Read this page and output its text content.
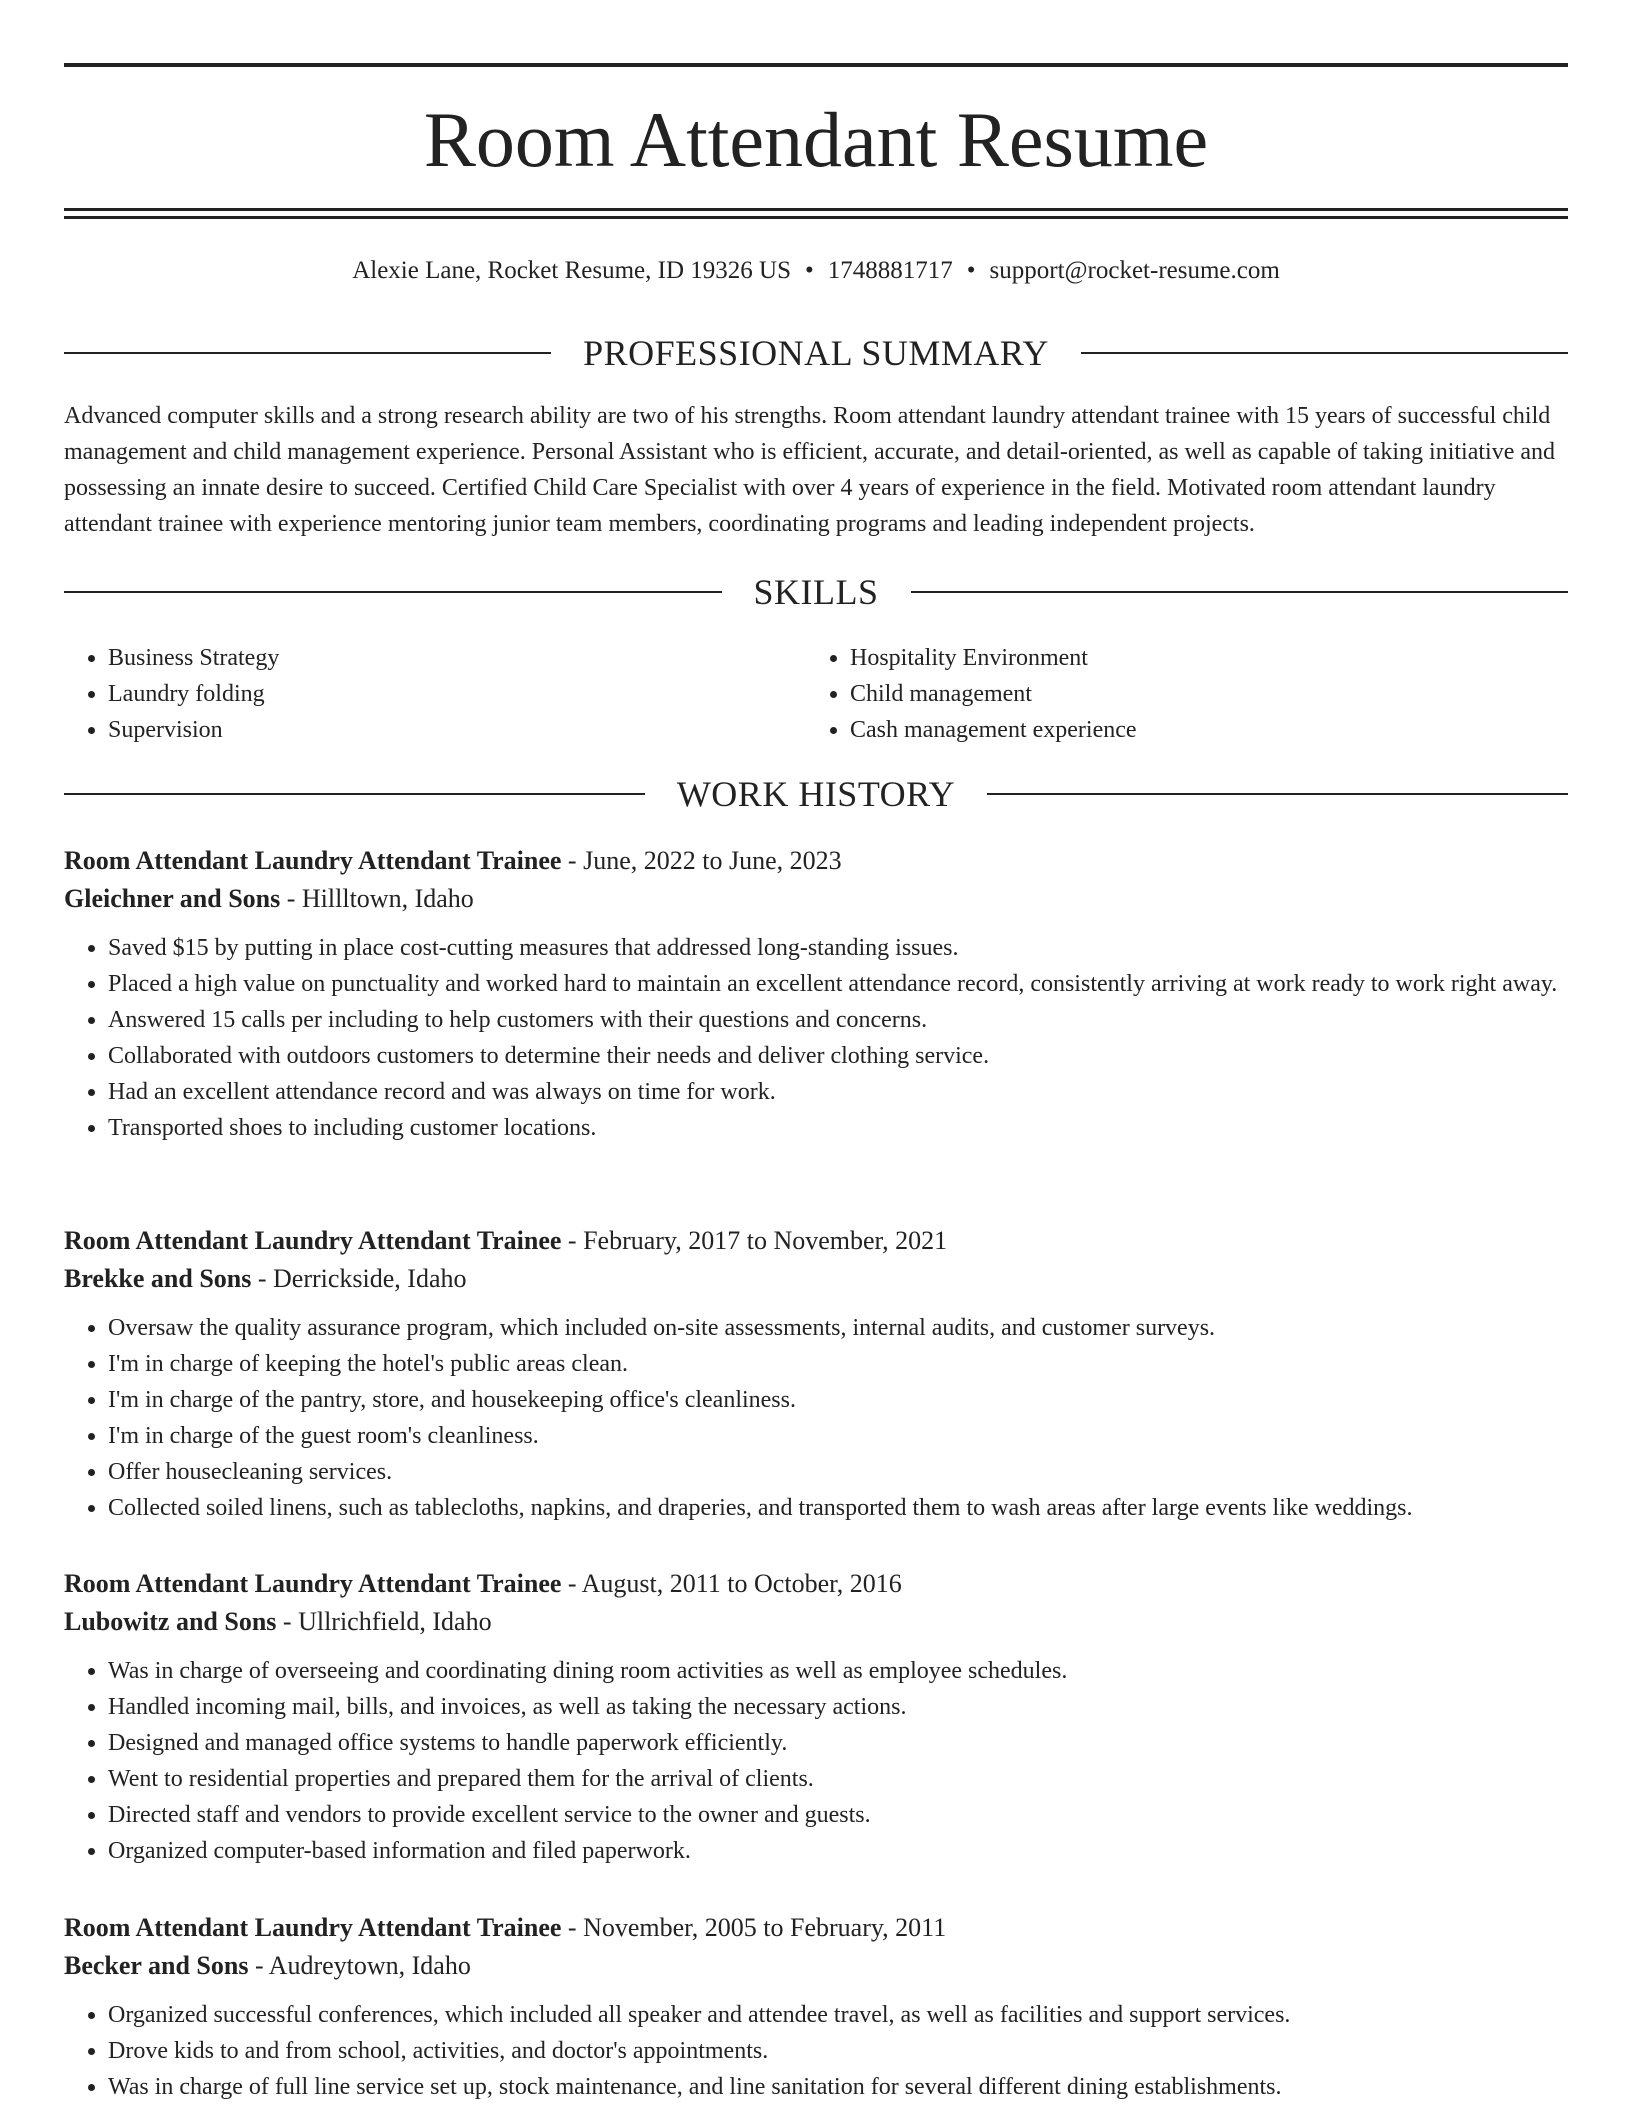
Room Attendant Resume
Alexie Lane, Rocket Resume, ID 19326 US • 1748881717 • support@rocket-resume.com
PROFESSIONAL SUMMARY

Advanced computer skills and a strong research ability are two of his strengths. Room attendant laundry attendant trainee with 15 years of successful child management and child management experience. Personal Assistant who is efficient, accurate, and detail-oriented, as well as capable of taking initiative and possessing an innate desire to succeed. Certified Child Care Specialist with over 4 years of experience in the field. Motivated room attendant laundry attendant trainee with experience mentoring junior team members, coordinating programs and leading independent projects.

SKILLS
• Business Strategy
• Laundry folding
• Supervision
• Hospitality Environment
• Child management
• Cash management experience
WORK HISTORY
Room Attendant Laundry Attendant Trainee - June, 2022 to June, 2023
Gleichner and Sons - Hillltown, Idaho
• Saved $15 by putting in place cost-cutting measures that addressed long-standing issues.
• Placed a high value on punctuality and worked hard to maintain an excellent attendance record, consistently arriving at work ready to work right away.
• Answered 15 calls per including to help customers with their questions and concerns.
• Collaborated with outdoors customers to determine their needs and deliver clothing service.
• Had an excellent attendance record and was always on time for work.
• Transported shoes to including customer locations.
Room Attendant Laundry Attendant Trainee - February, 2017 to November, 2021
Brekke and Sons - Derrickside, Idaho
• Oversaw the quality assurance program, which included on-site assessments, internal audits, and customer surveys.
• I'm in charge of keeping the hotel's public areas clean.
• I'm in charge of the pantry, store, and housekeeping office's cleanliness.
• I'm in charge of the guest room's cleanliness.
• Offer housecleaning services.
• Collected soiled linens, such as tablecloths, napkins, and draperies, and transported them to wash areas after large events like weddings.
Room Attendant Laundry Attendant Trainee - August, 2011 to October, 2016
Lubowitz and Sons - Ullrichfield, Idaho
• Was in charge of overseeing and coordinating dining room activities as well as employee schedules.
• Handled incoming mail, bills, and invoices, as well as taking the necessary actions.
• Designed and managed office systems to handle paperwork efficiently.
• Went to residential properties and prepared them for the arrival of clients.
• Directed staff and vendors to provide excellent service to the owner and guests.
• Organized computer-based information and filed paperwork.
Room Attendant Laundry Attendant Trainee - November, 2005 to February, 2011
Becker and Sons - Audreytown, Idaho
• Organized successful conferences, which included all speaker and attendee travel, as well as facilities and support services.
• Drove kids to and from school, activities, and doctor's appointments.
• Was in charge of full line service set up, stock maintenance, and line sanitation for several different dining establishments.
